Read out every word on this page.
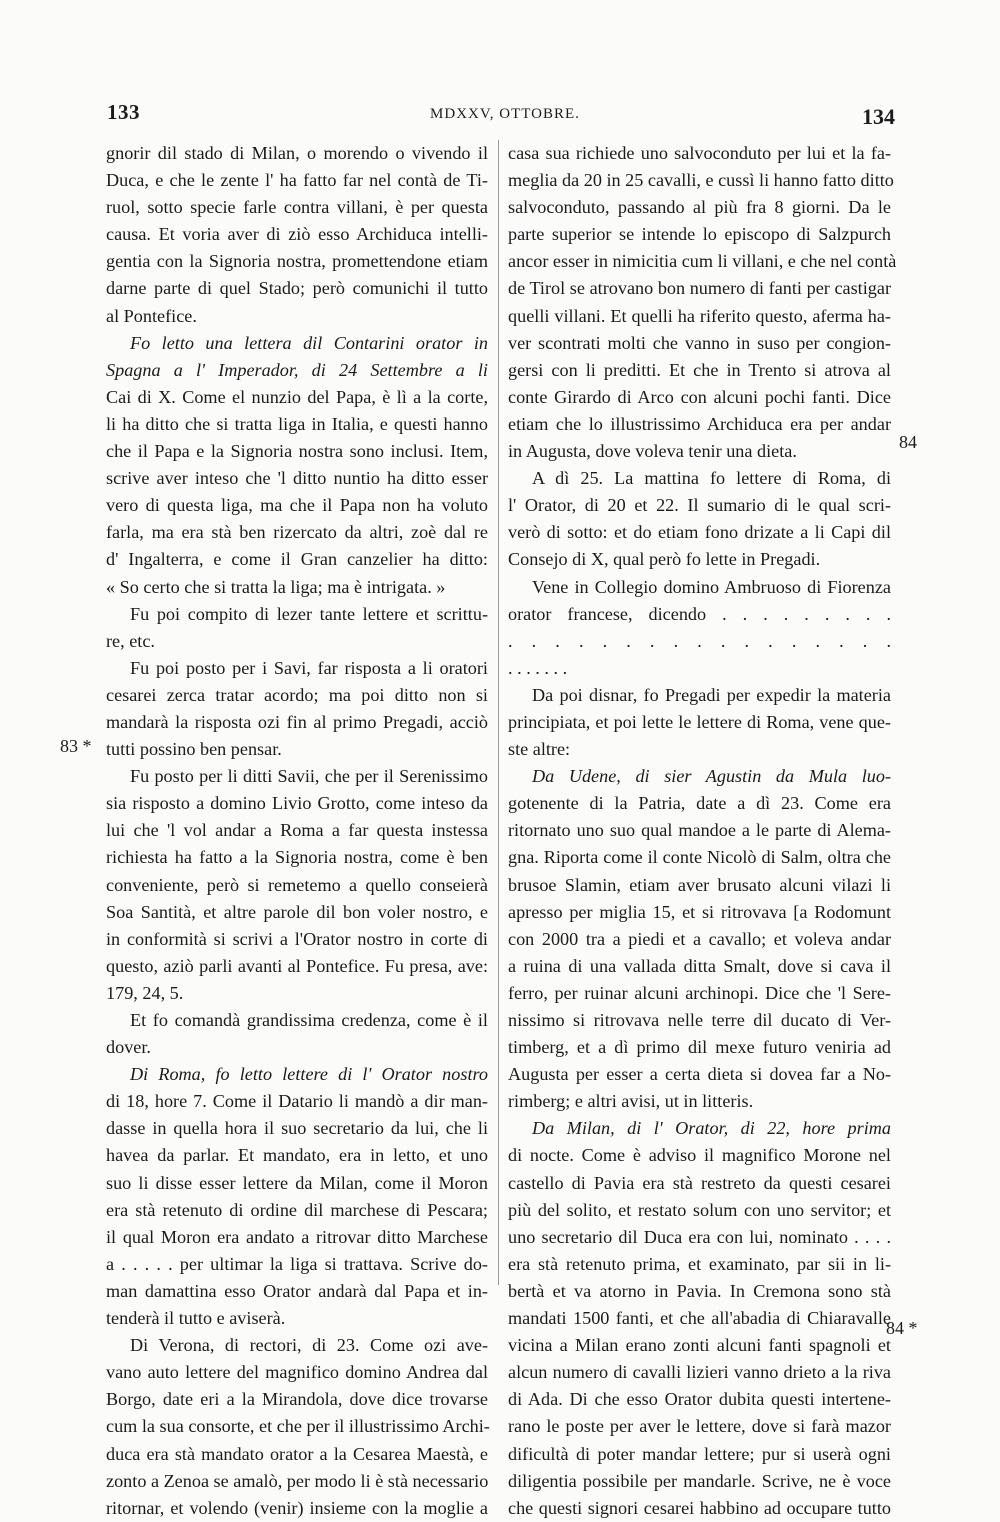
133	MDXXV, OTTOBRE.	134
gnorir dil stado di Milan, o morendo o vivendo il
Duca, e che le zente l' ha fatto far nel contà de Ti-
ruol, sotto specie farle contra villani, è per questa
causa. Et voria aver di ziò esso Archiduca intelli-
gentia con la Signoria nostra, promettendone etiam
darne parte di quel Stado; però comunichi il tutto
al Pontefice.
Fo letto una lettera dil Contarini orator in
Spagna a l' Imperador, di 24 Settembre a li
Cai di X. Come el nunzio del Papa, è lì a la corte,
li ha ditto che si tratta liga in Italia, e questi hanno
che il Papa e la Signoria nostra sono inclusi. Item,
scrive aver inteso che 'l ditto nuntio ha ditto esser
vero di questa liga, ma che il Papa non ha voluto
farla, ma era stà ben rizercato da altri, zoè dal re
d' Ingalterra, e come il Gran canzelier ha ditto:
« So certo che si tratta la liga; ma è intrigata. »
Fu poi compito di lezer tante lettere et scrittu-
re, etc.
Fu poi posto per i Savi, far risposta a li oratori
cesarei zerca tratar acordo; ma poi ditto non si
mandarà la risposta ozi fin al primo Pregadi, acciò
tutti possino ben pensar.
Fu posto per li ditti Savii, che per il Serenissimo
sia risposto a domino Livio Grotto, come inteso da
lui che 'l vol andar a Roma a far questa instessa
richiesta ha fatto a la Signoria nostra, come è ben
conveniente, però si remetemo a quello conseierà
Soa Santità, et altre parole dil bon voler nostro, e
in conformità si scrivi a l'Orator nostro in corte di
questo, aziò parli avanti al Pontefice. Fu presa, ave:
179, 24, 5.
Et fo comandà grandissima credenza, come è il
dover.
Di Roma, fo letto lettere di l' Orator nostro
di 18, hore 7. Come il Datario li mandò a dir man-
dasse in quella hora il suo secretario da lui, che li
havea da parlar. Et mandato, era in letto, et uno
suo li disse esser lettere da Milan, come il Moron
era stà retenuto di ordine dil marchese di Pescara;
il qual Moron era andato a ritrovar ditto Marchese
a . . . . . per ultimar la liga si trattava. Scrive do-
man damattina esso Orator andarà dal Papa et in-
tenderà il tutto e aviserà.
Di Verona, di rectori, di 23. Come ozi ave-
vano auto lettere del magnifico domino Andrea dal
Borgo, date eri a la Mirandola, dove dice trovarse
cum la sua consorte, et che per il illustrissimo Archi-
duca era stà mandato orator a la Cesarea Maestà, e
zonto a Zenoa se amalò, per modo li è stà necessario
ritornar, et volendo (venir) insieme con la moglie a
casa sua richiede uno salvoconduto per lui et la fa-
meglia da 20 in 25 cavalli, e cussì li hanno fatto ditto
salvoconduto, passando al più fra 8 giorni. Da le
parte superior se intende lo episcopo di Salzpurch
ancor esser in nimicitia cum li villani, e che nel contà
de Tirol se atrovano bon numero di fanti per castigar
quelli villani. Et quelli ha riferito questo, aferma ha-
ver scontrati molti che vanno in suso per congion-
gersi con li preditti. Et che in Trento si atrova al
conte Girardo di Arco con alcuni pochi fanti. Dice
etiam che lo illustrissimo Archiduca era per andar
in Augusta, dove voleva tenir una dieta.
A dì 25. La mattina fo lettere di Roma, di
l' Orator, di 20 et 22. Il sumario di le qual scri-
verò di sotto: et do etiam fono drizate a li Capi dil
Consejo di X, qual però fo lette in Pregadi.
Vene in Collegio domino Ambruoso di Fiorenza
orator francese, dicendo . . . . . . . . .
. . . . . . . . . . . . . . . . .
. . . . . . .
Da poi disnar, fo Pregadi per expedir la materia
principiata, et poi lette le lettere di Roma, vene que-
ste altre:
Da Udene, di sier Agustin da Mula luo-
gotenente di la Patria, date a dì 23. Come era
ritornato uno suo qual mandoe a le parte di Alema-
gna. Riporta come il conte Nicolò di Salm, oltra che
brusoe Slamin, etiam aver brusato alcuni vilazi li
apresso per miglia 15, et si ritrovava [a Rodomunt
con 2000 tra a piedi et a cavallo; et voleva andar
a ruina di una vallada ditta Smalt, dove si cava il
ferro, per ruinar alcuni archinopi. Dice che 'l Sere-
nissimo si ritrovava nelle terre dil ducato di Ver-
timberg, et a dì primo dil mexe futuro veniria ad
Augusta per esser a certa dieta si dovea far a No-
rimberg; e altri avisi, ut in litteris.
Da Milan, di l' Orator, di 22, hore prima
di nocte. Come è adviso il magnifico Morone nel
castello di Pavia era stà restreto da questi cesarei
più del solito, et restato solum con uno servitor; et
uno secretario dil Duca era con lui, nominato . . . .
era stà retenuto prima, et examinato, par sii in li-
bertà et va atorno in Pavia. In Cremona sono stà
mandati 1500 fanti, et che all'abadia di Chiaravalle
vicina a Milan erano zonti alcuni fanti spagnoli et
alcun numero di cavalli lizieri vanno drieto a la riva
di Ada. Di che esso Orator dubita questi intertene-
rano le poste per aver le lettere, dove si farà mazor
dificultà di poter mandar lettere; pur si userà ogni
diligentia possibile per mandarle. Scrive, ne è voce
che questi signori cesarei habbino ad occupare tutto
83 *
84
84 *
